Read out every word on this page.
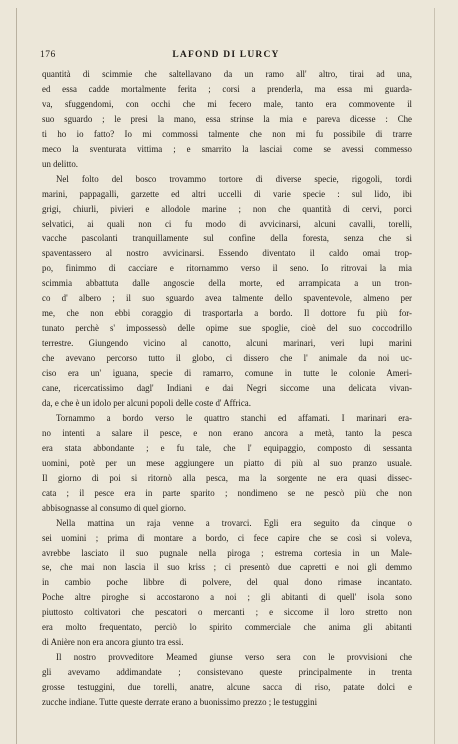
176	LAFOND DI LURCY

quantità di scimmie che saltellavano da un ramo all' altro, tirai ad una,
ed essa cadde mortalmente ferita ; corsi a prenderla, ma essa mi guarda-
va, sfuggendomi, con occhi che mi fecero male, tanto era commovente il
suo sguardo ; le presi la mano, essa strinse la mia e pareva dicesse : Che
ti ho io fatto? Io mi commossi talmente che non mi fu possibile di trarre
meco la sventurata vittima ; e smarrito la lasciai come se avessi commesso
un delitto.

Nel folto del bosco trovammo tortore di diverse specie, rigogoli, tordi
marini, pappagalli, garzette ed altri uccelli di varie specie : sul lido, ibi
grigi, chiurli, pivieri e allodole marine ; non che quantità di cervi, porci
selvatici, ai quali non ci fu modo di avvicinarsi, alcuni cavalli, torelli,
vacche pascolanti tranquillamente sul confine della foresta, senza che si
spaventassero al nostro avvicinarsi. Essendo diventato il caldo omai trop-
po, finimmo di cacciare e ritornammo verso il seno. Io ritrovai la mia
scimmia abbattuta dalle angoscie della morte, ed arrampicata a un tron-
co d' albero ; il suo sguardo avea talmente dello spaventevole, almeno per
me, che non ebbi coraggio di trasportarla a bordo. Il dottore fu più for-
tunato perchè s' impossessò delle opime sue spoglie, cioè del suo coccodrillo
terrestre. Giungendo vicino al canotto, alcuni marinari, veri lupi marini
che avevano percorso tutto il globo, ci dissero che l' animale da noi uc-
ciso era un' iguana, specie di ramarro, comune in tutte le colonie Ameri-
cane, ricercatissimo dagl' Indiani e dai Negri siccome una delicata vivan-
da, e che è un idolo per alcuni popoli delle coste d' Affrica.

Tornammo a bordo verso le quattro stanchi ed affamati. I marinari era-
no intenti a salare il pesce, e non erano ancora a metà, tanto la pesca
era stata abbondante ; e fu tale, che l' equipaggio, composto di sessanta
uomini, potè per un mese aggiungere un piatto di più al suo pranzo usuale.
Il giorno di poi si ritornò alla pesca, ma la sorgente ne era quasi dissec-
cata ; il pesce era in parte sparito ; nondimeno se ne pescò più che non
abbisognasse al consumo di quel giorno.

Nella mattina un raja venne a trovarci. Egli era seguito da cinque o
sei uomini ; prima di montare a bordo, ci fece capire che se così si voleva,
avrebbe lasciato il suo pugnale nella piroga ; estrema cortesia in un Male-
se, che mai non lascia il suo kriss ; ci presentò due capretti e noi gli demmo
in cambio poche libbre di polvere, del qual dono rimase incantato.
Poche altre piroghe si accostarono a noi ; gli abitanti di quell' isola sono
piuttosto coltivatori che pescatori o mercanti ; e siccome il loro stretto non
era molto frequentato, perciò lo spirito commerciale che anima gli abitanti
di Anière non era ancora giunto tra essi.

Il nostro provveditore Meamed giunse verso sera con le provvisioni che
gli avevamo addimandate ; consistevano queste principalmente in trenta
grosse testuggini, due torelli, anatre, alcune sacca di riso, patate dolci e
zucche indiane. Tutte queste derrate erano a buonissimo prezzo ; le testuggini
